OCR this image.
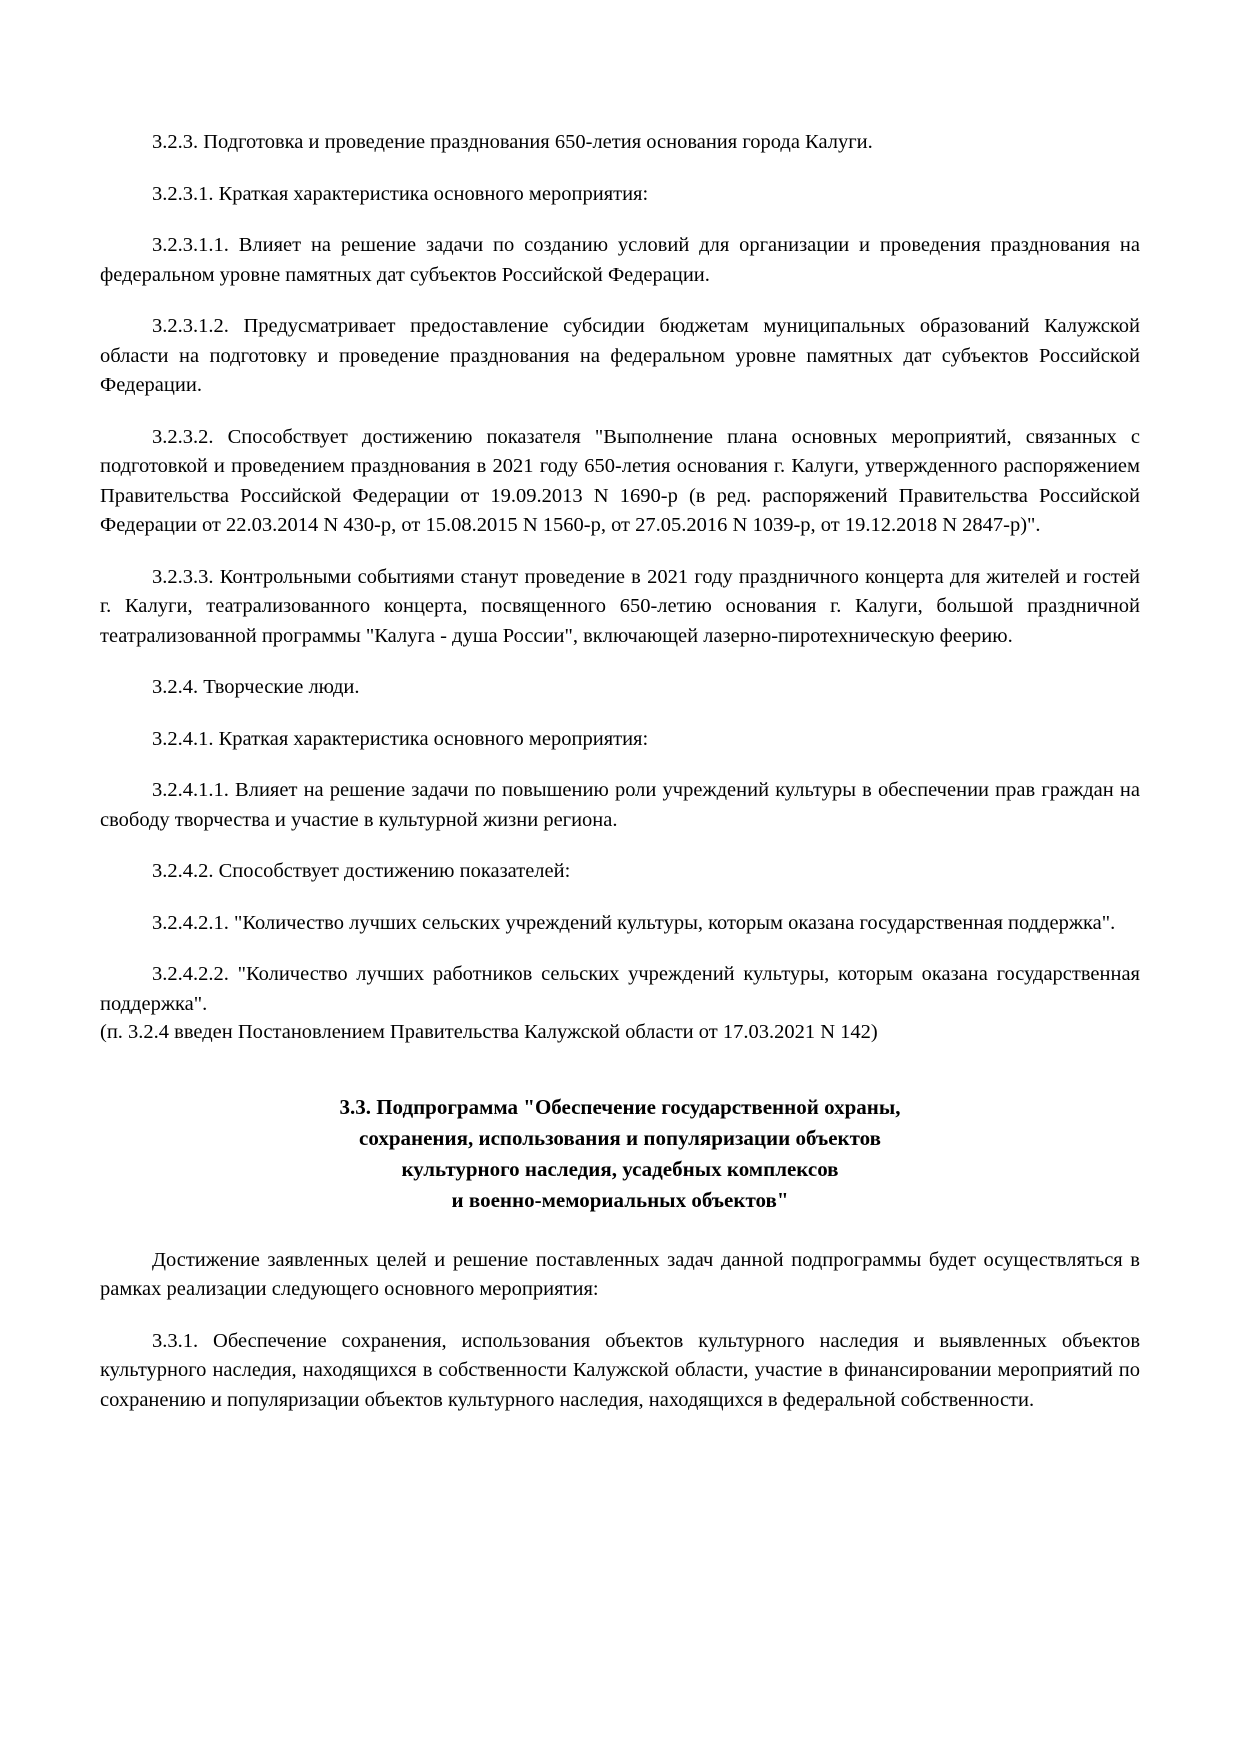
3.2.3. Подготовка и проведение празднования 650-летия основания города Калуги.

3.2.3.1. Краткая характеристика основного мероприятия:

3.2.3.1.1. Влияет на решение задачи по созданию условий для организации и проведения празднования на федеральном уровне памятных дат субъектов Российской Федерации.

3.2.3.1.2. Предусматривает предоставление субсидии бюджетам муниципальных образований Калужской области на подготовку и проведение празднования на федеральном уровне памятных дат субъектов Российской Федерации.

3.2.3.2. Способствует достижению показателя "Выполнение плана основных мероприятий, связанных с подготовкой и проведением празднования в 2021 году 650-летия основания г. Калуги, утвержденного распоряжением Правительства Российской Федерации от 19.09.2013 N 1690-р (в ред. распоряжений Правительства Российской Федерации от 22.03.2014 N 430-р, от 15.08.2015 N 1560-р, от 27.05.2016 N 1039-р, от 19.12.2018 N 2847-р)".

3.2.3.3. Контрольными событиями станут проведение в 2021 году праздничного концерта для жителей и гостей г. Калуги, театрализованного концерта, посвященного 650-летию основания г. Калуги, большой праздничной театрализованной программы "Калуга - душа России", включающей лазерно-пиротехническую феерию.

3.2.4. Творческие люди.

3.2.4.1. Краткая характеристика основного мероприятия:

3.2.4.1.1. Влияет на решение задачи по повышению роли учреждений культуры в обеспечении прав граждан на свободу творчества и участие в культурной жизни региона.

3.2.4.2. Способствует достижению показателей:

3.2.4.2.1. "Количество лучших сельских учреждений культуры, которым оказана государственная поддержка".

3.2.4.2.2. "Количество лучших работников сельских учреждений культуры, которым оказана государственная поддержка".

(п. 3.2.4 введен Постановлением Правительства Калужской области от 17.03.2021 N 142)

3.3. Подпрограмма "Обеспечение государственной охраны,
сохранения, использования и популяризации объектов
культурного наследия, усадебных комплексов
и военно-мемориальных объектов"

Достижение заявленных целей и решение поставленных задач данной подпрограммы будет осуществляться в рамках реализации следующего основного мероприятия:

3.3.1. Обеспечение сохранения, использования объектов культурного наследия и выявленных объектов культурного наследия, находящихся в собственности Калужской области, участие в финансировании мероприятий по сохранению и популяризации объектов культурного наследия, находящихся в федеральной собственности.
